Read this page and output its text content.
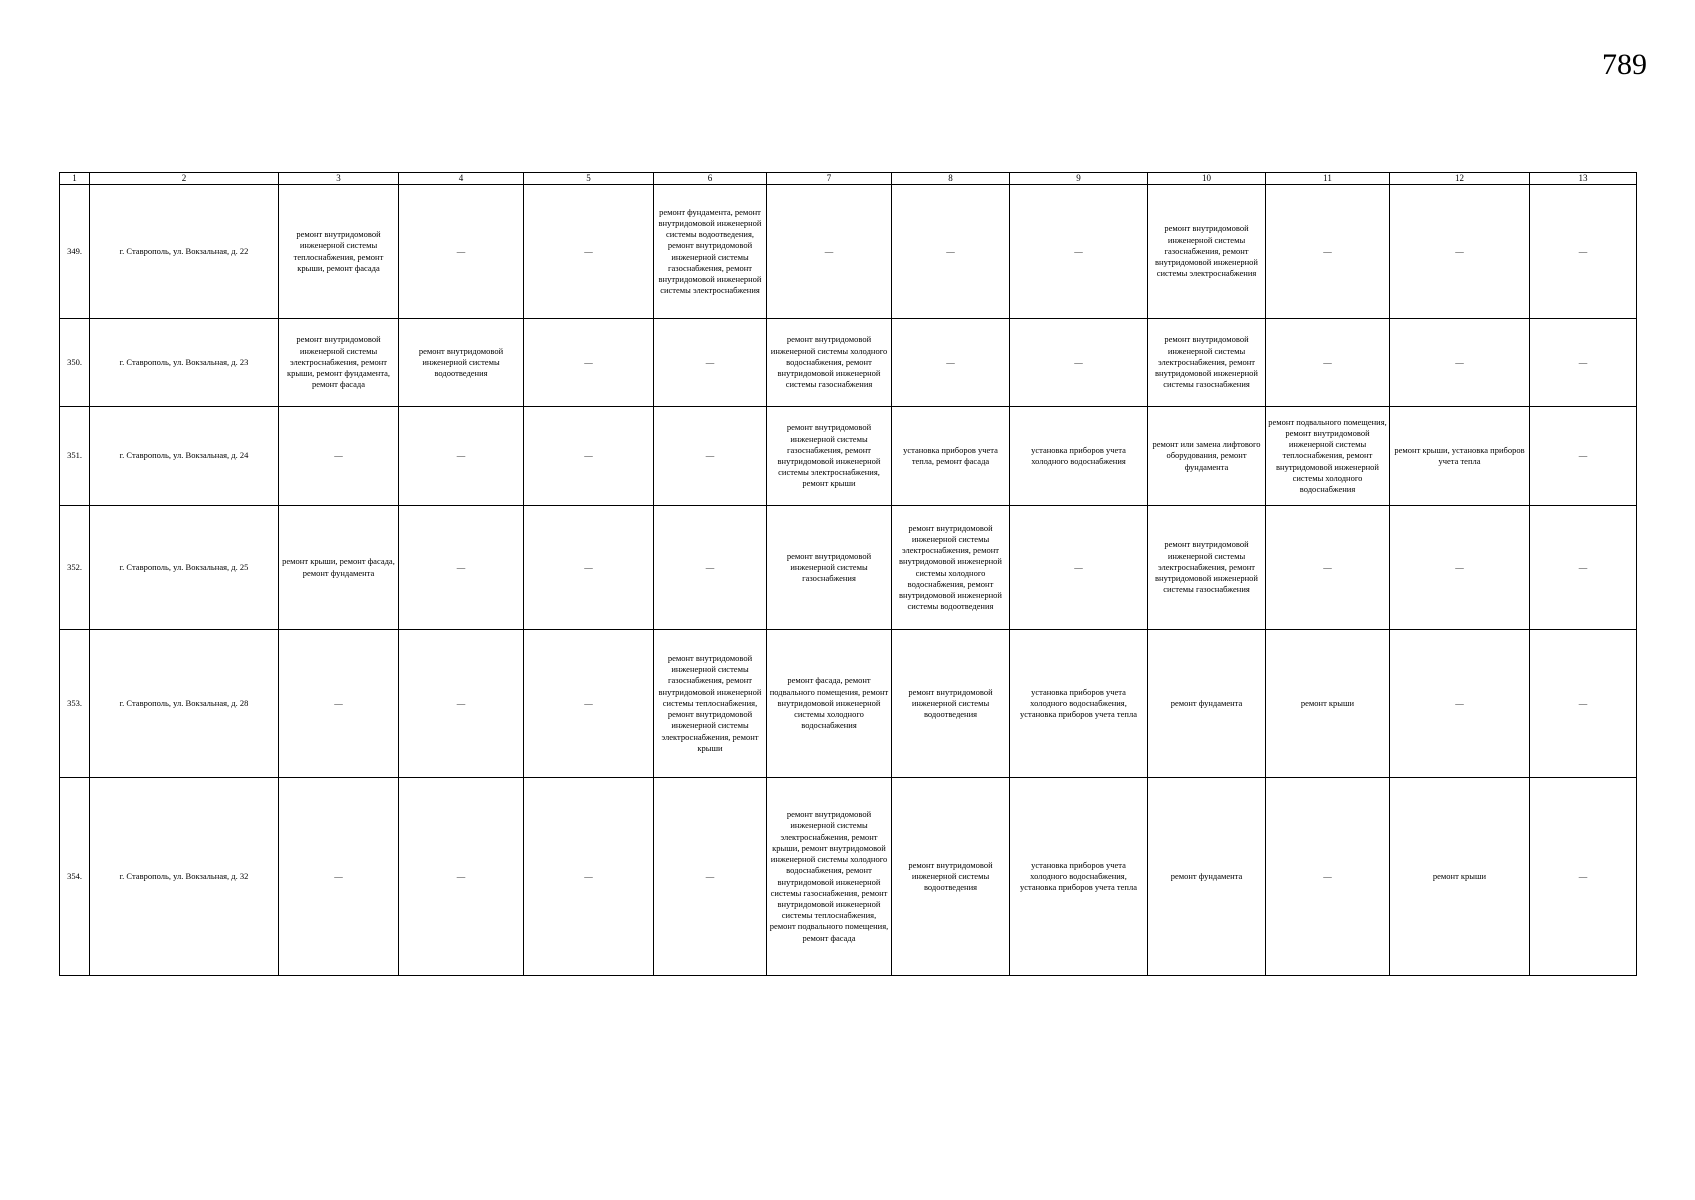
789
1	2	3	4	5	6	7	8	9	10	11	12	13
349.	г. Ставрополь, ул. Вокзальная, д. 22	ремонт внутридомовой инженерной системы теплоснабжения, ремонт крыши, ремонт фасада	—	—	ремонт фундамента, ремонт внутридомовой инженерной системы водоотведения, ремонт внутридомовой инженерной системы газоснабжения, ремонт внутридомовой инженерной системы электроснабжения	—	—	—	ремонт внутридомовой инженерной системы газоснабжения, ремонт внутридомовой инженерной системы электроснабжения	—	—	—
350.	г. Ставрополь, ул. Вокзальная, д. 23	ремонт внутридомовой инженерной системы электроснабжения, ремонт крыши, ремонт фундамента, ремонт фасада	ремонт внутридомовой инженерной системы водоотведения	—	—	ремонт внутридомовой инженерной системы холодного водоснабжения, ремонт внутридомовой инженерной системы газоснабжения	—	—	ремонт внутридомовой инженерной системы электроснабжения, ремонт внутридомовой инженерной системы газоснабжения	—	—	—
351.	г. Ставрополь, ул. Вокзальная, д. 24	—	—	—	—	ремонт внутридомовой инженерной системы газоснабжения, ремонт внутридомовой инженерной системы электроснабжения, ремонт крыши	установка приборов учета тепла, ремонт фасада	установка приборов учета холодного водоснабжения	ремонт или замена лифтового оборудования, ремонт фундамента	ремонт подвального помещения, ремонт внутридомовой инженерной системы теплоснабжения, ремонт внутридомовой инженерной системы холодного водоснабжения	ремонт крыши, установка приборов учета тепла	—
352.	г. Ставрополь, ул. Вокзальная, д. 25	ремонт крыши, ремонт фасада, ремонт фундамента	—	—	—	ремонт внутридомовой инженерной системы газоснабжения	ремонт внутридомовой инженерной системы электроснабжения, ремонт внутридомовой инженерной системы холодного водоснабжения, ремонт внутридомовой инженерной системы водоотведения	—	ремонт внутридомовой инженерной системы электроснабжения, ремонт внутридомовой инженерной системы газоснабжения	—	—	—
353.	г. Ставрополь, ул. Вокзальная, д. 28	—	—	—	ремонт внутридомовой инженерной системы газоснабжения, ремонт внутридомовой инженерной системы теплоснабжения, ремонт внутридомовой инженерной системы электроснабжения, ремонт крыши	ремонт фасада, ремонт подвального помещения, ремонт внутридомовой инженерной системы холодного водоснабжения	ремонт внутридомовой инженерной системы водоотведения	установка приборов учета холодного водоснабжения, установка приборов учета тепла	ремонт фундамента	ремонт крыши	—	—
354.	г. Ставрополь, ул. Вокзальная, д. 32	—	—	—	—	ремонт внутридомовой инженерной системы электроснабжения, ремонт крыши, ремонт внутридомовой инженерной системы холодного водоснабжения, ремонт внутридомовой инженерной системы газоснабжения, ремонт внутридомовой инженерной системы теплоснабжения, ремонт подвального помещения, ремонт фасада	ремонт внутридомовой инженерной системы водоотведения	установка приборов учета холодного водоснабжения, установка приборов учета тепла	ремонт фундамента	—	ремонт крыши	—
